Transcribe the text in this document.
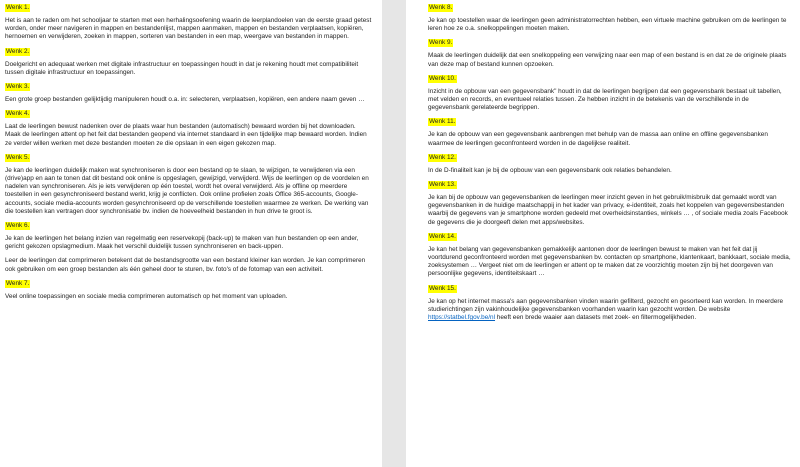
Wenk 1.

Het is aan te raden om het schooljaar te starten met een herhalingsoefening waarin de leerplandoelen van de eerste graad getest worden, onder meer navigeren in mappen en bestandenlijst, mappen aanmaken, mappen en bestanden verplaatsen, kopiëren, hernoemen en verwijderen, zoeken in mappen, sorteren van bestanden in een map, weergave van bestanden in mappen.

Wenk 2.

Doelgericht en adequaat werken met digitale infrastructuur en toepassingen houdt in dat je rekening houdt met compatibiliteit tussen digitale infrastructuur en toepassingen.

Wenk 3.

Een grote groep bestanden gelijktijdig manipuleren houdt o.a. in: selecteren, verplaatsen, kopiëren, een andere naam geven …

Wenk 4.

Laat de leerlingen bewust nadenken over de plaats waar hun bestanden (automatisch) bewaard worden bij het downloaden. Maak de leerlingen attent op het feit dat bestanden geopend via internet standaard in een tijdelijke map bewaard worden. Indien ze verder willen werken met deze bestanden moeten ze die opslaan in een eigen gekozen map.

Wenk 5.

Je kan de leerlingen duidelijk maken wat synchroniseren is door een bestand op te slaan, te wijzigen, te verwijderen via een (drive)app en aan te tonen dat dit bestand ook online is opgeslagen, gewijzigd, verwijderd. Wijs de leerlingen op de voordelen en nadelen van synchroniseren. Als je iets verwijderen op één toestel, wordt het overal verwijderd. Als je offline op meerdere toestellen in een gesynchroniseerd bestand werkt, krijg je conflicten. Ook online profielen zoals Office 365-accounts, Google-accounts, sociale media-accounts worden gesynchroniseerd op de verschillende toestellen waarmee ze werken. De werking van die toestellen kan vertragen door synchronisatie bv. indien de hoeveelheid bestanden in hun drive te groot is.

Wenk 6.

Je kan de leerlingen het belang inzien van regelmatig een reservekopij (back-up) te maken van hun bestanden op een ander, gericht gekozen opslagmedium. Maak het verschil duidelijk tussen synchroniseren en back-uppen.

Leer de leerlingen dat comprimeren betekent dat de bestandsgrootte van een bestand kleiner kan worden. Je kan comprimeren ook gebruiken om een groep bestanden als één geheel door te sturen, bv. foto's of de fotomap van een activiteit.

Wenk 7.

Veel online toepassingen en sociale media comprimeren automatisch op het moment van uploaden.

Wenk 8.

Je kan op toestellen waar de leerlingen geen administratorrechten hebben, een virtuele machine gebruiken om de leerlingen te leren hoe ze o.a. snelkoppelingen moeten maken.

Wenk 9.

Maak de leerlingen duidelijk dat een snelkoppeling een verwijzing naar een map of een bestand is en dat ze de originele plaats van deze map of bestand kunnen opzoeken.

Wenk 10.

Inzicht in de opbouw van een gegevensbank" houdt in dat de leerlingen begrijpen dat een gegevensbank bestaat uit tabellen, met velden en records, en eventueel relaties tussen. Ze hebben inzicht in de betekenis van de verschillende in de gegevensbank gerelateerde begrippen.

Wenk 11.

Je kan de opbouw van een gegevensbank aanbrengen met behulp van de massa aan online en offline gegevensbanken waarmee de leerlingen geconfronteerd worden in de dagelijkse realiteit.

Wenk 12.

In de D-finaliteit kan je bij de opbouw van een gegevensbank ook relaties behandelen.

Wenk 13.

Je kan bij de opbouw van gegevensbanken de leerlingen meer inzicht geven in het gebruik/misbruik dat gemaakt wordt van gegevensbanken in de huidige maatschappij in het kader van privacy, e-identiteit, zoals het koppelen van gegevensbestanden waarbij de gegevens van je smartphone worden gedeeld met overheidsinstanties, winkels … , of sociale media zoals Facebook de gegevens die je doorgeeft delen met apps/websites.

Wenk 14.

Je kan het belang van gegevensbanken gemakkelijk aantonen door de leerlingen bewust te maken van het feit dat jij voortdurend geconfronteerd worden met gegevensbanken bv. contacten op smartphone, klantenkaart, bankkaart, sociale media, zoeksystemen … Vergeet niet om de leerlingen er attent op te maken dat ze voorzichtig moeten zijn bij het doorgeven van persoonlijke gegevens, identiteitskaart …

Wenk 15.

Je kan op het internet massa's aan gegevensbanken vinden waarin gefilterd, gezocht en gesorteerd kan worden. In meerdere studierichtingen zijn vakinhoudelijke gegevensbanken voorhanden waarin kan gezocht worden. De website https://statbel.fgov.be/nl heeft een brede waaier aan datasets met zoek- en filtermogelijkheden.
